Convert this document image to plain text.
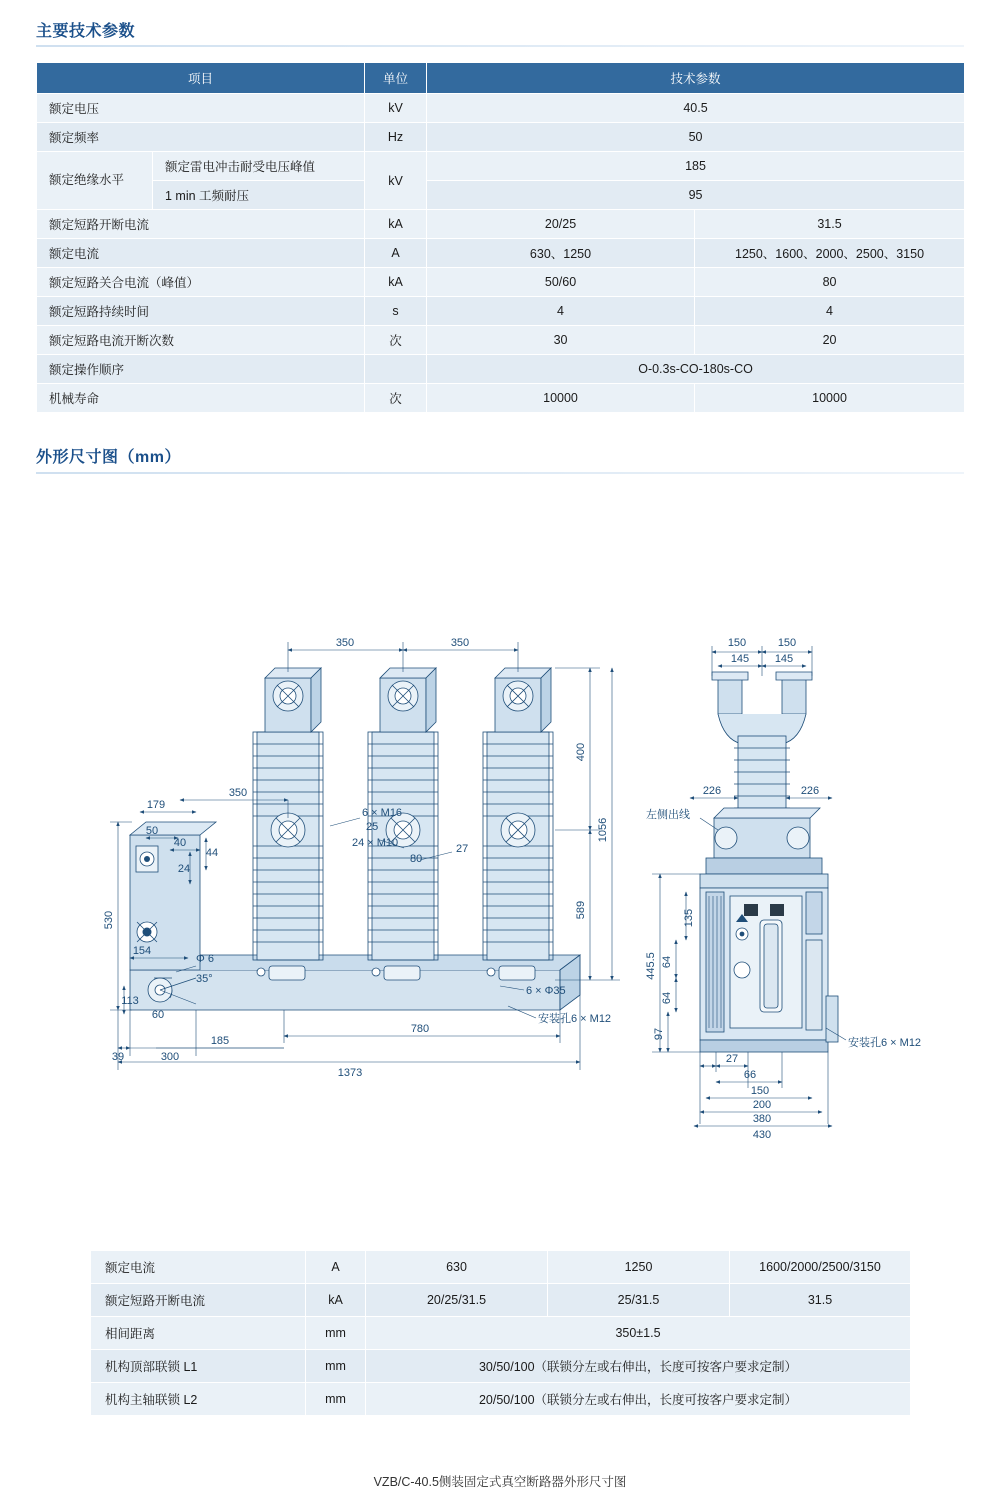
主要技术参数
项目		单位	技术参数	
额定电压		kV	40.5	
额定频率		Hz	50	
额定绝缘水平	额定雷电冲击耐受电压峰值	kV	185	
	1 min 工频耐压		95	
额定短路开断电流		kA	20/25	31.5
额定电流		A	630、1250	1250、1600、2000、2500、3150
额定短路关合电流（峰值）		kA	50/60	80
额定短路持续时间		s	4	4
额定短路电流开断次数		次	30	20
额定操作顺序			O-0.3s-CO-180s-CO	
机械寿命		次	10000	10000
外形尺寸图（mm）
350	350
350
400
1056
589
530
179
50
40
44
24
154
113
60
35°
Φ 6
185
300
39
780
1373
6 × M16
25
24 × M10
80
27
6 × Φ35
安装孔6 × M12
150	150
145 145
226	226
左侧出线
445.5
135
64
64
97
27
66
150
200
380
430
安装孔6 × M12
额定电流	A	630	1250	1600/2000/2500/3150
额定短路开断电流	kA	20/25/31.5	25/31.5	31.5
相间距离	mm	350±1.5		
机构顶部联锁 L1	mm	30/50/100（联锁分左或右伸出，长度可按客户要求定制）		
机构主轴联锁 L2	mm	20/50/100（联锁分左或右伸出，长度可按客户要求定制）		
VZB/C-40.5侧装固定式真空断路器外形尺寸图
